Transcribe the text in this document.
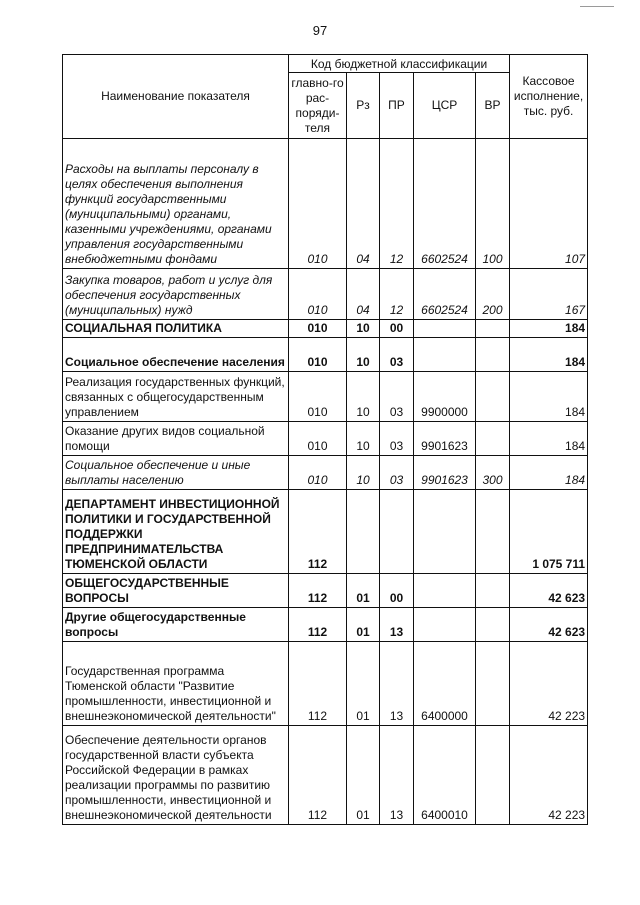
97
Наименование показателя	Код бюджетной классификации					Кассовое исполнение, тыс. руб.
	главно-го рас-поряди-теля	Рз	ПР	ЦСР	ВР	
Расходы на выплаты персоналу в целях обеспечения выполнения функций государственными (муниципальными) органами, казенными учреждениями, органами управления государственными внебюджетными фондами	010	04	12	6602524	100	107
Закупка товаров, работ и услуг для обеспечения государственных (муниципальных) нужд	010	04	12	6602524	200	167
СОЦИАЛЬНАЯ ПОЛИТИКА	010	10	00			184
Социальное обеспечение населения	010	10	03			184
Реализация государственных функций, связанных с общегосударственным управлением	010	10	03	9900000		184
Оказание других видов социальной помощи	010	10	03	9901623		184
Социальное обеспечение и иные выплаты населению	010	10	03	9901623	300	184
ДЕПАРТАМЕНТ ИНВЕСТИЦИОННОЙ ПОЛИТИКИ И ГОСУДАРСТВЕННОЙ ПОДДЕРЖКИ ПРЕДПРИНИМАТЕЛЬСТВА ТЮМЕНСКОЙ ОБЛАСТИ	112					1 075 711
ОБЩЕГОСУДАРСТВЕННЫЕ ВОПРОСЫ	112	01	00			42 623
Другие общегосударственные вопросы	112	01	13			42 623
Государственная программа Тюменской области "Развитие промышленности, инвестиционной и внешнеэкономической деятельности"	112	01	13	6400000		42 223
Обеспечение деятельности органов государственной власти субъекта Российской Федерации в рамках реализации программы по развитию промышленности, инвестиционной и внешнеэкономической деятельности	112	01	13	6400010		42 223
